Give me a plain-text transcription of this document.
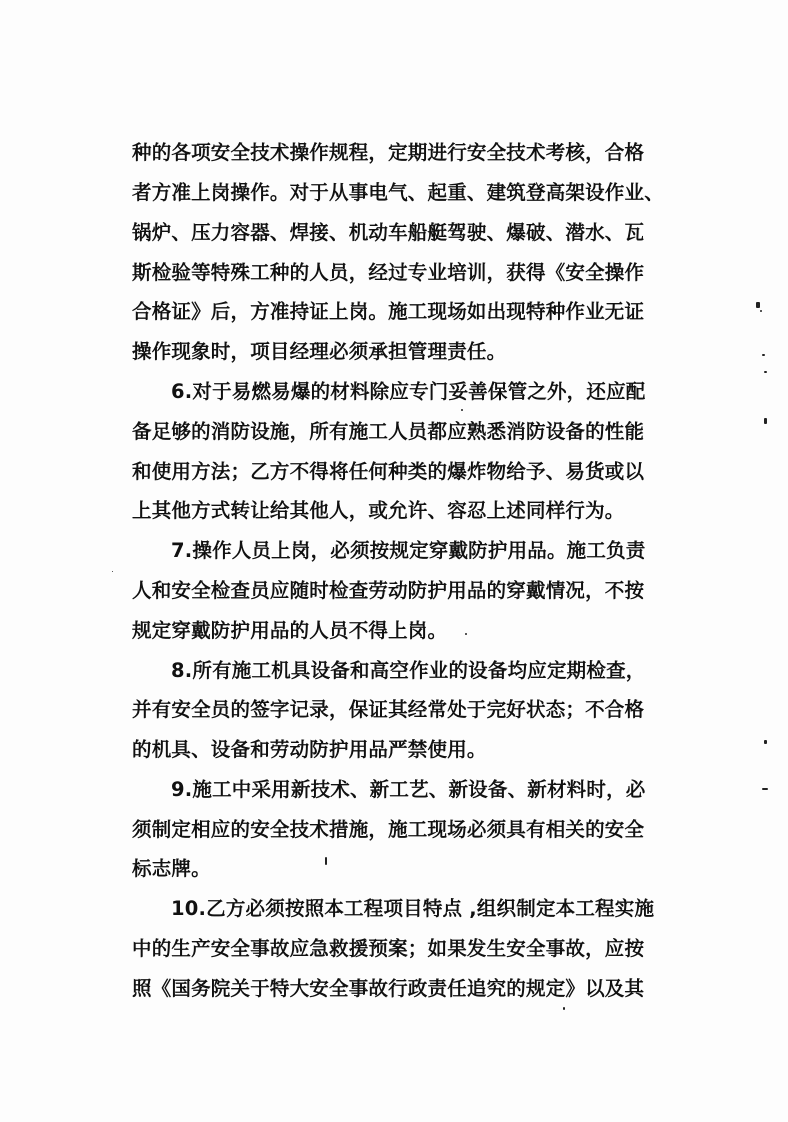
种的各项安全技术操作规程，定期进行安全技术考核，合格
者方准上岗操作。对于从事电气、起重、建筑登高架设作业、
锅炉、压力容器、焊接、机动车船艇驾驶、爆破、潜水、瓦
斯检验等特殊工种的人员，经过专业培训，获得《安全操作
合格证》后，方准持证上岗。施工现场如出现特种作业无证
操作现象时，项目经理必须承担管理责任。
6.对于易燃易爆的材料除应专门妥善保管之外，还应配
备足够的消防设施，所有施工人员都应熟悉消防设备的性能
和使用方法；乙方不得将任何种类的爆炸物给予、易货或以
上其他方式转让给其他人，或允许、容忍上述同样行为。
7.操作人员上岗，必须按规定穿戴防护用品。施工负责
人和安全检查员应随时检查劳动防护用品的穿戴情况，不按
规定穿戴防护用品的人员不得上岗。
8.所有施工机具设备和高空作业的设备均应定期检查，
并有安全员的签字记录，保证其经常处于完好状态；不合格
的机具、设备和劳动防护用品严禁使用。
9.施工中采用新技术、新工艺、新设备、新材料时，必
须制定相应的安全技术措施，施工现场必须具有相关的安全
标志牌。
10.乙方必须按照本工程项目特点 ,组织制定本工程实施
中的生产安全事故应急救援预案；如果发生安全事故，应按
照《国务院关于特大安全事故行政责任追究的规定》以及其
